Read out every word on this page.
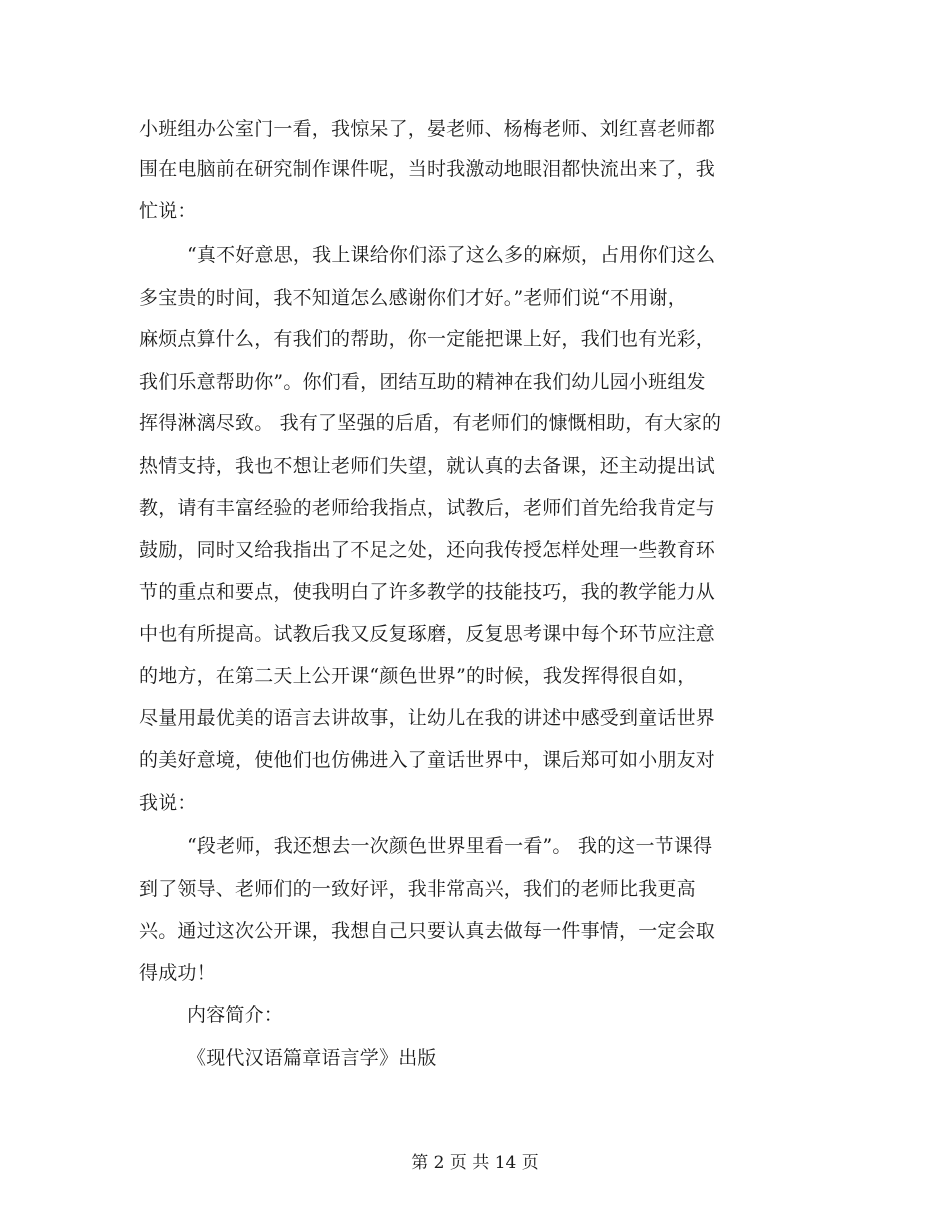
小班组办公室门一看，我惊呆了，晏老师、杨梅老师、刘红喜老师都
围在电脑前在研究制作课件呢，当时我激动地眼泪都快流出来了，我
忙说：
“真不好意思，我上课给你们添了这么多的麻烦，占用你们这么
多宝贵的时间，我不知道怎么感谢你们才好。”老师们说“不用谢，
麻烦点算什么，有我们的帮助，你一定能把课上好，我们也有光彩，
我们乐意帮助你”。你们看，团结互助的精神在我们幼儿园小班组发
挥得淋漓尽致。 我有了坚强的后盾，有老师们的慷慨相助，有大家的
热情支持，我也不想让老师们失望，就认真的去备课，还主动提出试
教，请有丰富经验的老师给我指点，试教后，老师们首先给我肯定与
鼓励，同时又给我指出了不足之处，还向我传授怎样处理一些教育环
节的重点和要点，使我明白了许多教学的技能技巧，我的教学能力从
中也有所提高。试教后我又反复琢磨，反复思考课中每个环节应注意
的地方，在第二天上公开课“颜色世界”的时候，我发挥得很自如，
尽量用最优美的语言去讲故事，让幼儿在我的讲述中感受到童话世界
的美好意境，使他们也仿佛进入了童话世界中，课后郑可如小朋友对
我说：
“段老师，我还想去一次颜色世界里看一看”。 我的这一节课得
到了领导、老师们的一致好评，我非常高兴，我们的老师比我更高
兴。通过这次公开课，我想自己只要认真去做每一件事情，一定会取
得成功！
内容简介：
《现代汉语篇章语言学》出版
第 2 页 共 14 页
